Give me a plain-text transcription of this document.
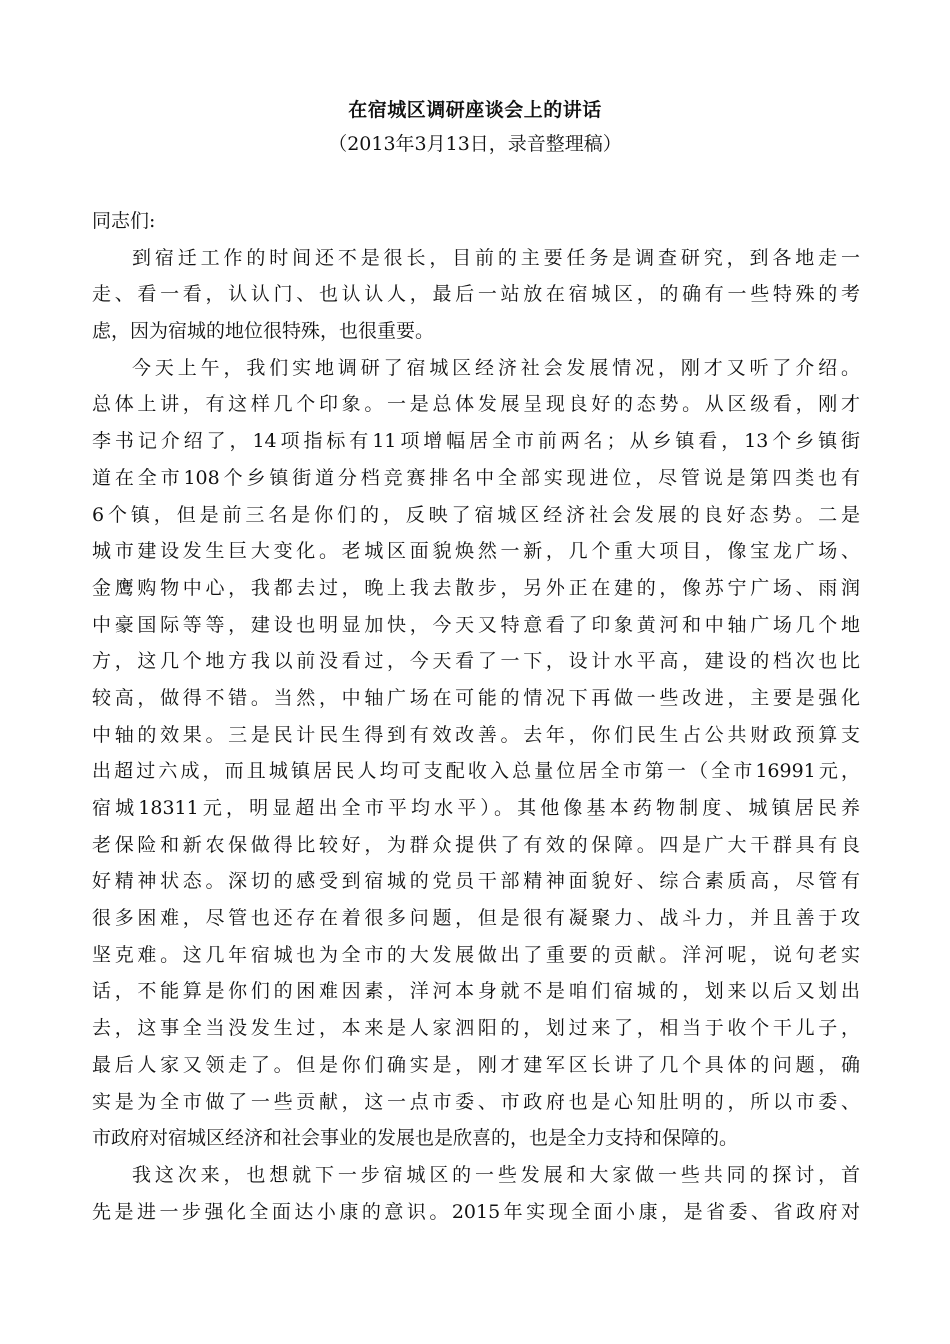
在宿城区调研座谈会上的讲话
（2013年3月13日，录音整理稿）
同志们:
到宿迁工作的时间还不是很长，目前的主要任务是调查研究，到各地走一
走、看一看，认认门、也认认人，最后一站放在宿城区，的确有一些特殊的考
虑，因为宿城的地位很特殊，也很重要。
今天上午，我们实地调研了宿城区经济社会发展情况，刚才又听了介绍。
总体上讲，有这样几个印象。一是总体发展呈现良好的态势。从区级看，刚才
李书记介绍了，14项指标有11项增幅居全市前两名；从乡镇看，13个乡镇街
道在全市108个乡镇街道分档竞赛排名中全部实现进位，尽管说是第四类也有
6个镇，但是前三名是你们的，反映了宿城区经济社会发展的良好态势。二是
城市建设发生巨大变化。老城区面貌焕然一新，几个重大项目，像宝龙广场、
金鹰购物中心，我都去过，晚上我去散步，另外正在建的，像苏宁广场、雨润
中豪国际等等，建设也明显加快，今天又特意看了印象黄河和中轴广场几个地
方，这几个地方我以前没看过，今天看了一下，设计水平高，建设的档次也比
较高，做得不错。当然，中轴广场在可能的情况下再做一些改进，主要是强化
中轴的效果。三是民计民生得到有效改善。去年，你们民生占公共财政预算支
出超过六成，而且城镇居民人均可支配收入总量位居全市第一（全市16991元，
宿城18311元，明显超出全市平均水平）。其他像基本药物制度、城镇居民养
老保险和新农保做得比较好，为群众提供了有效的保障。四是广大干群具有良
好精神状态。深切的感受到宿城的党员干部精神面貌好、综合素质高，尽管有
很多困难，尽管也还存在着很多问题，但是很有凝聚力、战斗力，并且善于攻
坚克难。这几年宿城也为全市的大发展做出了重要的贡献。洋河呢，说句老实
话，不能算是你们的困难因素，洋河本身就不是咱们宿城的，划来以后又划出
去，这事全当没发生过，本来是人家泗阳的，划过来了，相当于收个干儿子，
最后人家又领走了。但是你们确实是，刚才建军区长讲了几个具体的问题，确
实是为全市做了一些贡献，这一点市委、市政府也是心知肚明的，所以市委、
市政府对宿城区经济和社会事业的发展也是欣喜的，也是全力支持和保障的。
我这次来，也想就下一步宿城区的一些发展和大家做一些共同的探讨，首
先是进一步强化全面达小康的意识。2015年实现全面小康，是省委、省政府对
